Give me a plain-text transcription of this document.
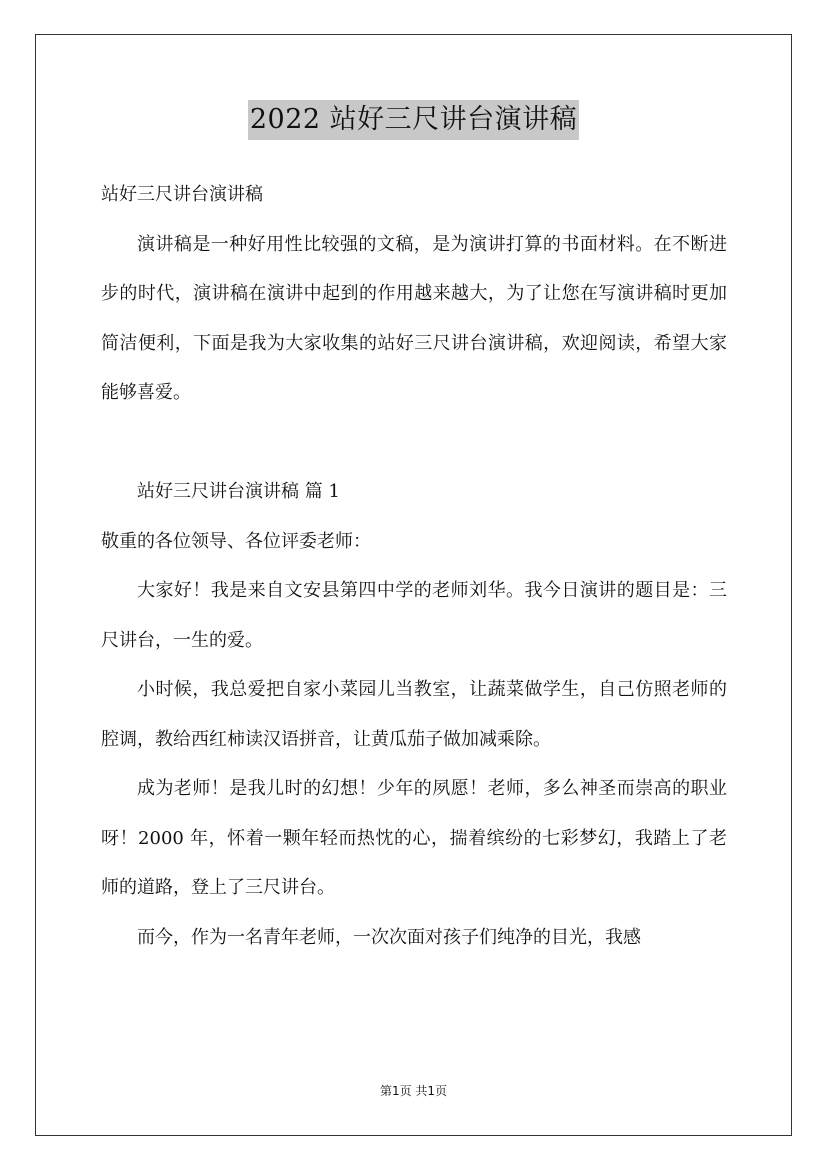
2022 站好三尺讲台演讲稿

站好三尺讲台演讲稿

演讲稿是一种好用性比较强的文稿，是为演讲打算的书面材料。在不断进步的时代，演讲稿在演讲中起到的作用越来越大，为了让您在写演讲稿时更加简洁便利，下面是我为大家收集的站好三尺讲台演讲稿，欢迎阅读，希望大家能够喜爱。

站好三尺讲台演讲稿 篇 1

敬重的各位领导、各位评委老师：

大家好！我是来自文安县第四中学的老师刘华。我今日演讲的题目是：三尺讲台，一生的爱。

小时候，我总爱把自家小菜园儿当教室，让蔬菜做学生，自己仿照老师的腔调，教给西红柿读汉语拼音，让黄瓜茄子做加减乘除。

成为老师！是我儿时的幻想！少年的夙愿！老师，多么神圣而崇高的职业呀！2000 年，怀着一颗年轻而热忱的心，揣着缤纷的七彩梦幻，我踏上了老师的道路，登上了三尺讲台。

而今，作为一名青年老师，一次次面对孩子们纯净的目光，我感

第1页 共1页
